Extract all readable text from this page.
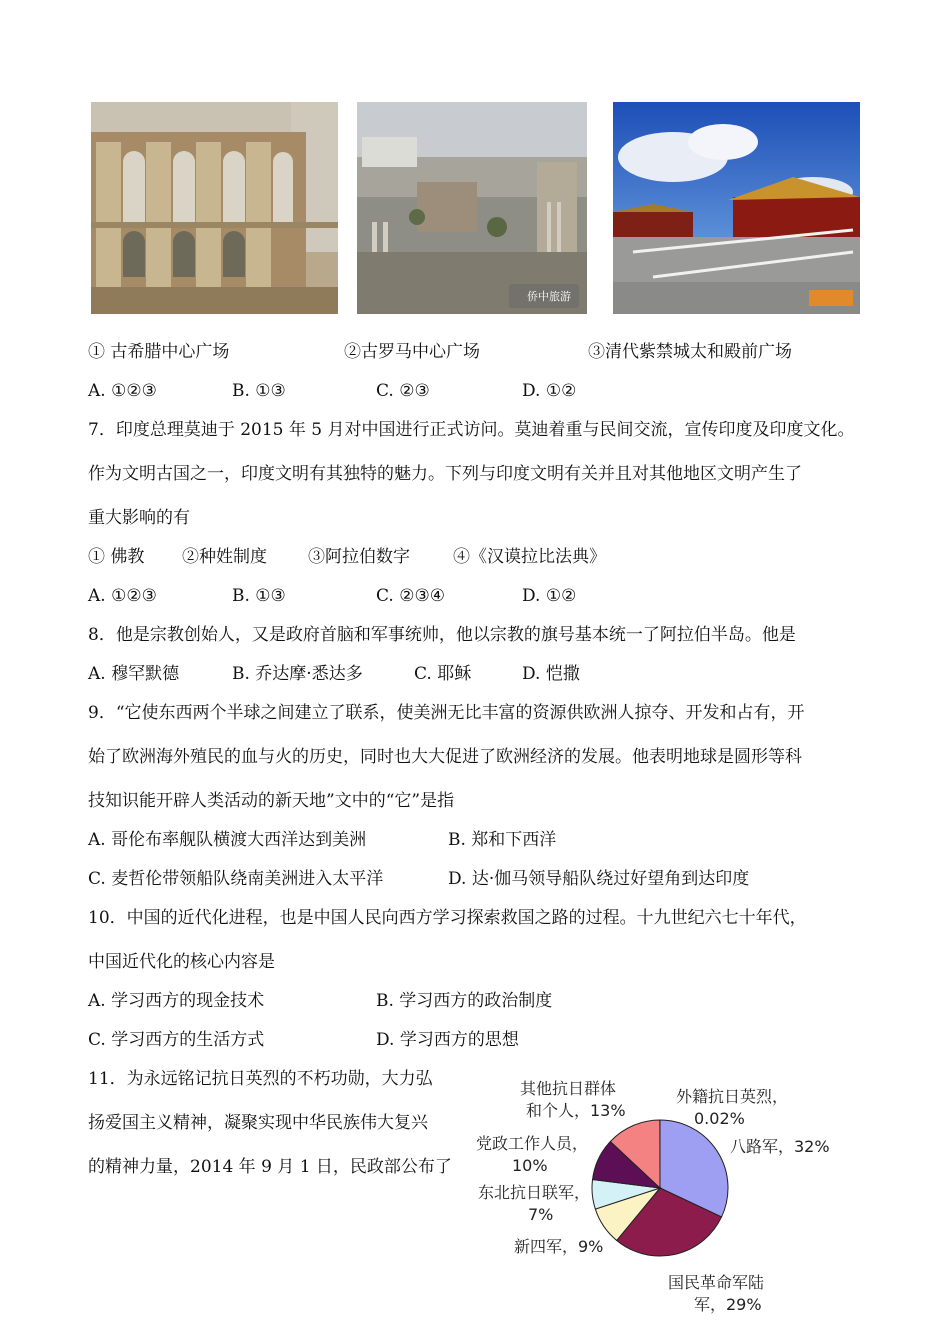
侨中旅游
① 古希腊中心广场	②古罗马中心广场	③清代紫禁城太和殿前广场
A. ①②③	B. ①③	C. ②③	D. ①②
7．印度总理莫迪于 2015 年 5 月对中国进行正式访问。莫迪着重与民间交流，宣传印度及印度文化。
作为文明古国之一，印度文明有其独特的魅力。下列与印度文明有关并且对其他地区文明产生了
重大影响的有
① 佛教 ②种姓制度 ③阿拉伯数字	④《汉谟拉比法典》
A. ①②③	B. ①③	C. ②③④	D. ①②
8．他是宗教创始人，又是政府首脑和军事统帅，他以宗教的旗号基本统一了阿拉伯半岛。他是
A. 穆罕默德	B. 乔达摩·悉达多	C. 耶稣	D. 恺撒
9．“它使东西两个半球之间建立了联系，使美洲无比丰富的资源供欧洲人掠夺、开发和占有，开
始了欧洲海外殖民的血与火的历史，同时也大大促进了欧洲经济的发展。他表明地球是圆形等科
技知识能开辟人类活动的新天地”文中的“它”是指
A. 哥伦布率舰队横渡大西洋达到美洲	B. 郑和下西洋
C. 麦哲伦带领船队绕南美洲进入太平洋	D. 达·伽马领导船队绕过好望角到达印度
10．中国的近代化进程，也是中国人民向西方学习探索救国之路的过程。十九世纪六七十年代，
中国近代化的核心内容是
A. 学习西方的现金技术	B. 学习西方的政治制度
C. 学习西方的生活方式	D. 学习西方的思想
11．为永远铭记抗日英烈的不朽功勋，大力弘
扬爱国主义精神，凝聚实现中华民族伟大复兴
的精神力量，2014 年 9 月 1 日，民政部公布了
其他抗日群体
和个人，13%
外籍抗日英烈，
0.02%
八路军，32%
党政工作人员，
10%
东北抗日联军，
7%
新四军，9%
国民革命军陆
军，29%
